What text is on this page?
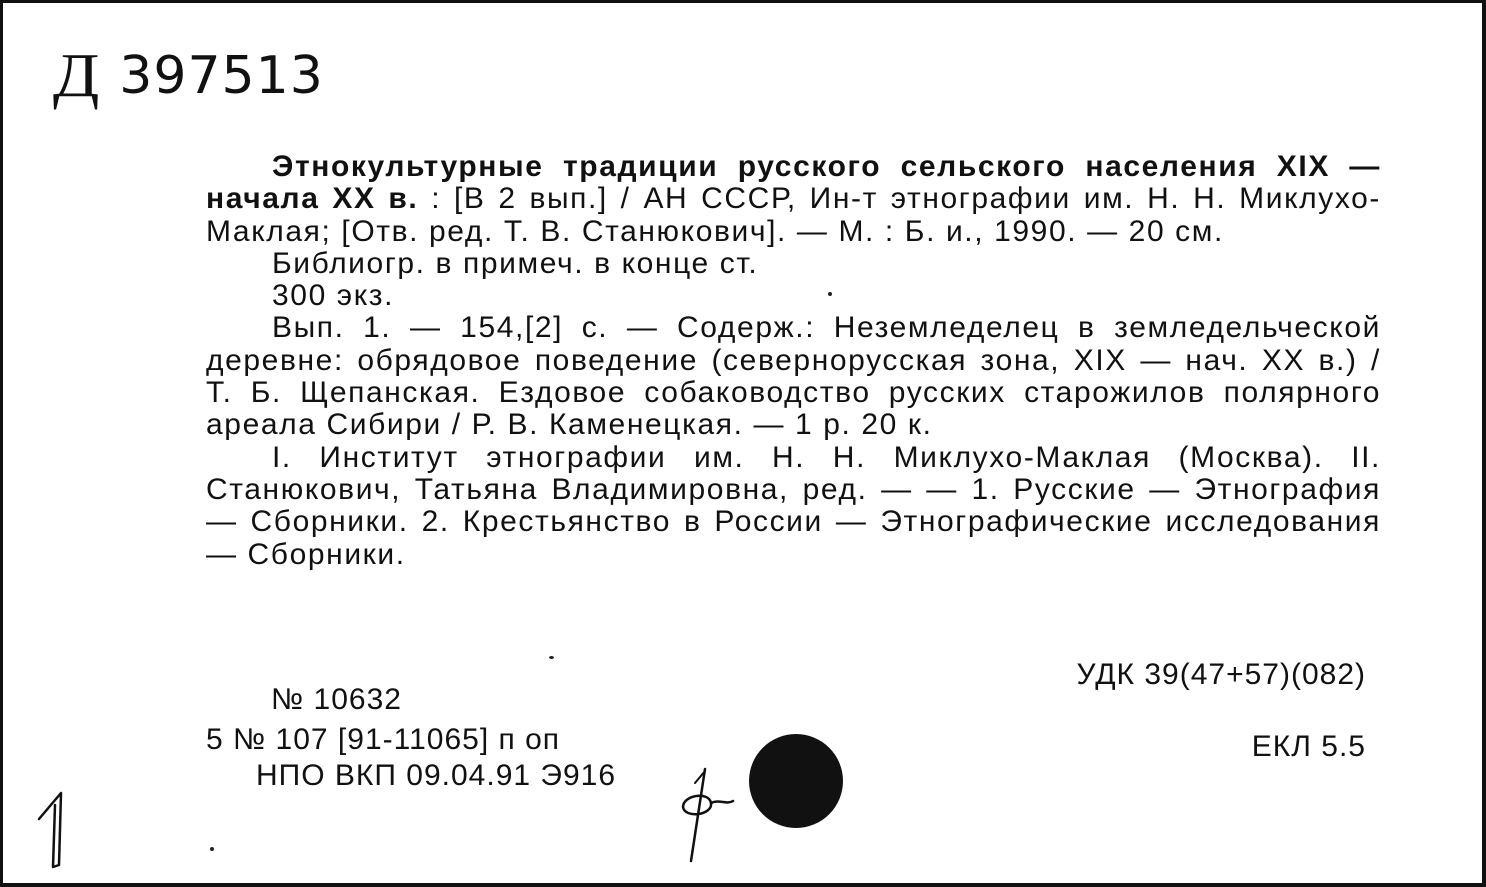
Д 397513

Этнокультурные традиции русского сельского населения XIX — начала XX в. : [В 2 вып.] / АН СССР, Ин-т этнографии им. Н. Н. Миклухо-Маклая; [Отв. ред. Т. В. Станюкович]. — М. : Б. и., 1990. — 20 см.

Библиогр. в примеч. в конце ст.

300 экз.

Вып. 1. — 154,[2] с. — Содерж.: Неземледелец в земледельческой деревне: обрядовое поведение (севернорусская зона, XIX — нач. XX в.) / Т. Б. Щепанская. Ездовое собаководство русских старожилов полярного ареала Сибири / Р. В. Каменецкая. — 1 р. 20 к.

I. Институт этнографии им. Н. Н. Миклухо-Маклая (Москва). II. Станюкович, Татьяна Владимировна, ред. — — 1. Русские — Этнография — Сборники. 2. Крестьянство в России — Этнографические исследования — Сборники.

УДК 39(47+57)(082)
№ 10632
5 № 107 [91-11065] п оп	ЕКЛ 5.5
НПО ВКП 09.04.91 Э916
